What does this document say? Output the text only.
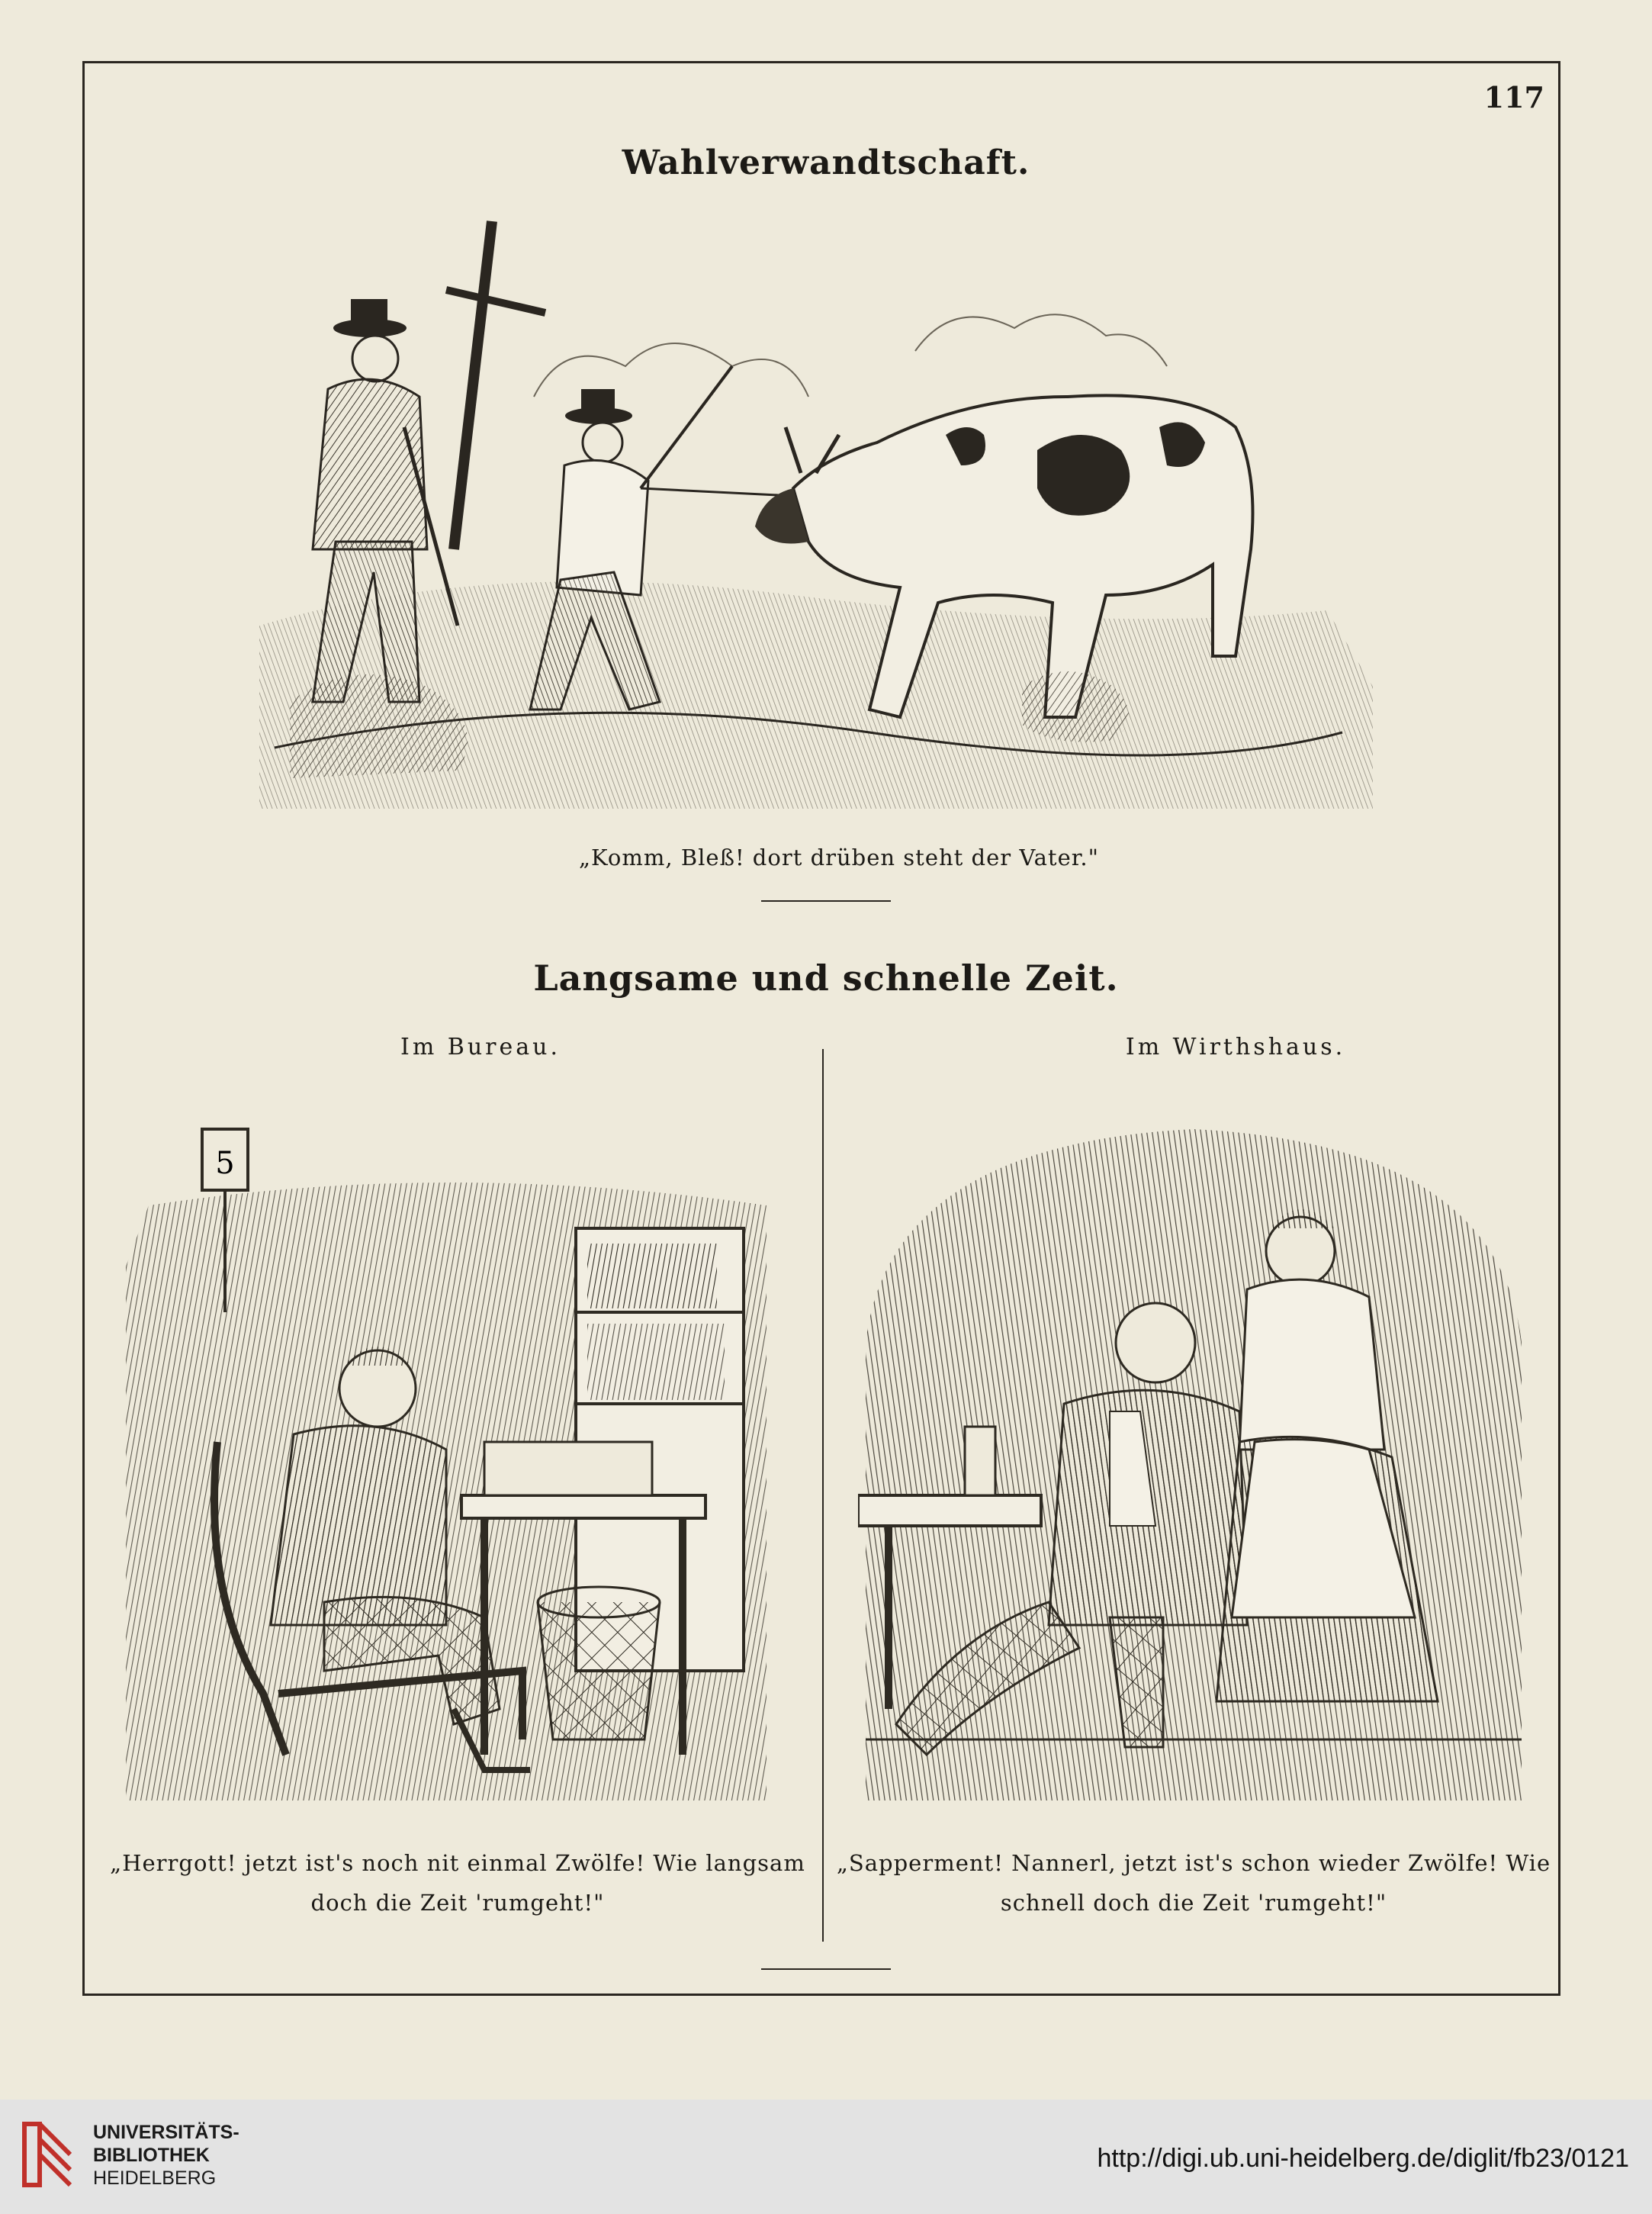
117
Wahlverwandtschaft.
„Komm, Bleß! dort drüben steht der Vater."
Langsame und schnelle Zeit.
Im Bureau.	Im Wirthshaus.
5
„Herrgott! jetzt ist's noch nit einmal Zwölfe! Wie langsam doch die Zeit 'rumgeht!"
„Sapperment! Nannerl, jetzt ist's schon wieder Zwölfe! Wie schnell doch die Zeit 'rumgeht!"
UNIVERSITÄTS-
BIBLIOTHEK
HEIDELBERG
http://digi.ub.uni-heidelberg.de/diglit/fb23/0121
